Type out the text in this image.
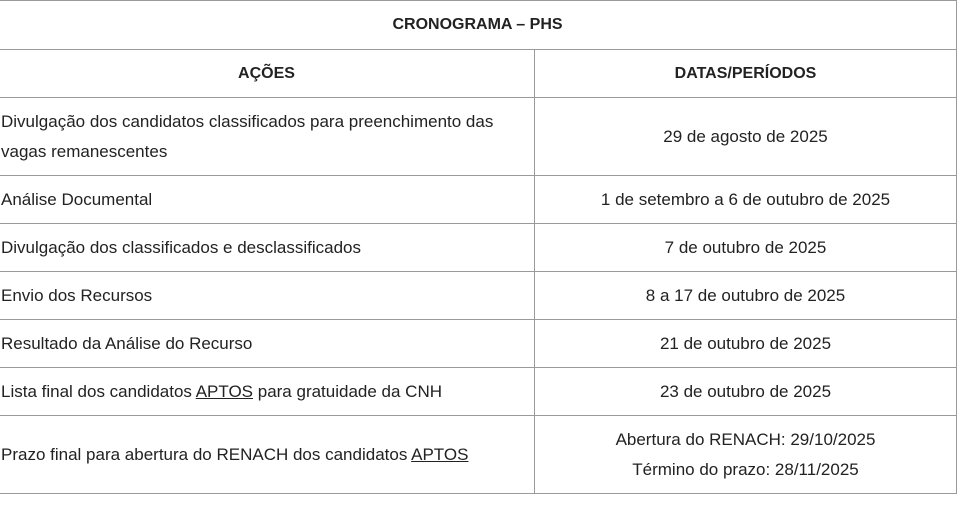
CRONOGRAMA – PHS	
AÇÕES	DATAS/PERÍODOS
Divulgação dos candidatos classificados para preenchimento das vagas remanescentes	29 de agosto de 2025
Análise Documental	1 de setembro a 6 de outubro de 2025
Divulgação dos classificados e desclassificados	7 de outubro de 2025
Envio dos Recursos	8 a 17 de outubro de 2025
Resultado da Análise do Recurso	21 de outubro de 2025
Lista final dos candidatos APTOS para gratuidade da CNH	23 de outubro de 2025
Prazo final para abertura do RENACH dos candidatos APTOS	Abertura do RENACH: 29/10/2025
Término do prazo: 28/11/2025
